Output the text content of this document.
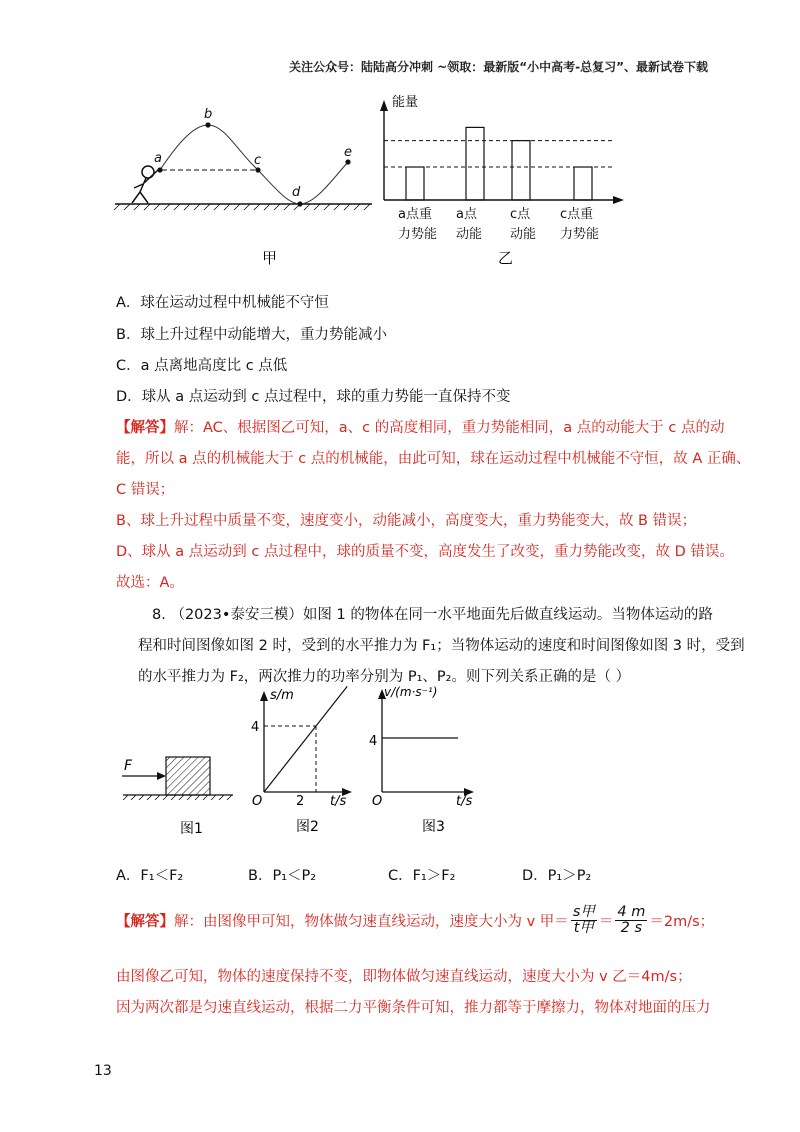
关注公众号：陆陆高分冲刺 ~领取：最新版“小中高考-总复习”、最新试卷下载
a
b
c
d
e
甲
能量
a点重
力势能
a点
动能
c点
动能
c点重
力势能
乙
A．球在运动过程中机械能不守恒
B．球上升过程中动能增大，重力势能减小
C．a 点离地高度比 c 点低
D．球从 a 点运动到 c 点过程中，球的重力势能一直保持不变
【解答】解：AC、根据图乙可知，a、c 的高度相同，重力势能相同，a 点的动能大于 c 点的动
能，所以 a 点的机械能大于 c 点的机械能，由此可知，球在运动过程中机械能不守恒，故 A 正确、
C 错误；
B、球上升过程中质量不变，速度变小，动能减小，高度变大，重力势能变大，故 B 错误；
D、球从 a 点运动到 c 点过程中，球的质量不变，高度发生了改变，重力势能改变，故 D 错误。
故选：A。
8. （2023•泰安三模）如图 1 的物体在同一水平地面先后做直线运动。当物体运动的路
程和时间图像如图 2 时，受到的水平推力为 F₁；当物体运动的速度和时间图像如图 3 时，受到
的水平推力为 F₂，两次推力的功率分别为 P₁、P₂。则下列关系正确的是（ ）
F
图1
s/m
4
O	2 t/s
图2
v/(m·s⁻¹)
4
O	t/s
图3
A．F₁＜F₂	B．P₁＜P₂	C．F₁＞F₂	D．P₁＞P₂
【解答】 解：由图像甲可知，物体做匀速直线运动，速度大小为 v 甲＝ $\frac{\text{s甲}}{\text{t甲}} = \frac{4 m}{2 s} =2m/s$；
由图像乙可知，物体的速度保持不变，即物体做匀速直线运动，速度大小为 v 乙＝4m/s；
因为两次都是匀速直线运动，根据二力平衡条件可知，推力都等于摩擦力，物体对地面的压力
13
